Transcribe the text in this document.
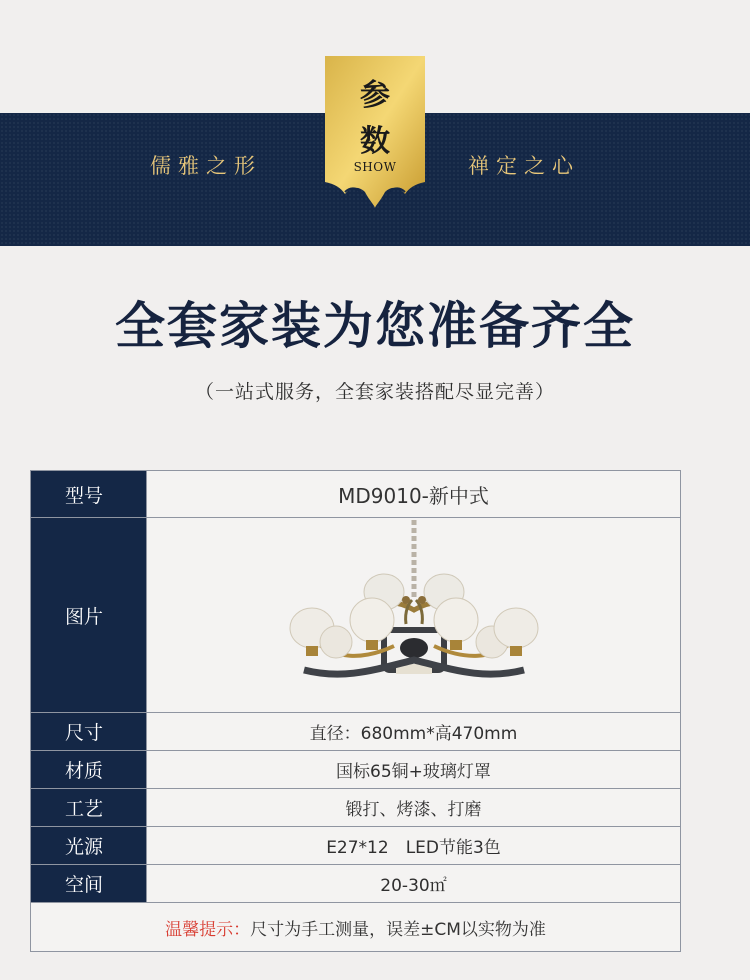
儒雅之形	禅定之心
参
数
SHOW
全套家装为您准备齐全
（一站式服务，全套家装搭配尽显完善）
型号	MD9010-新中式
图片	

尺寸	直径：680mm*高470mm
材质	国标65铜+玻璃灯罩
工艺	锻打、烤漆、打磨
光源	E27*12　LED节能3色
空间	20-30㎡
温馨提示：尺寸为手工测量，误差±CM以实物为准	
